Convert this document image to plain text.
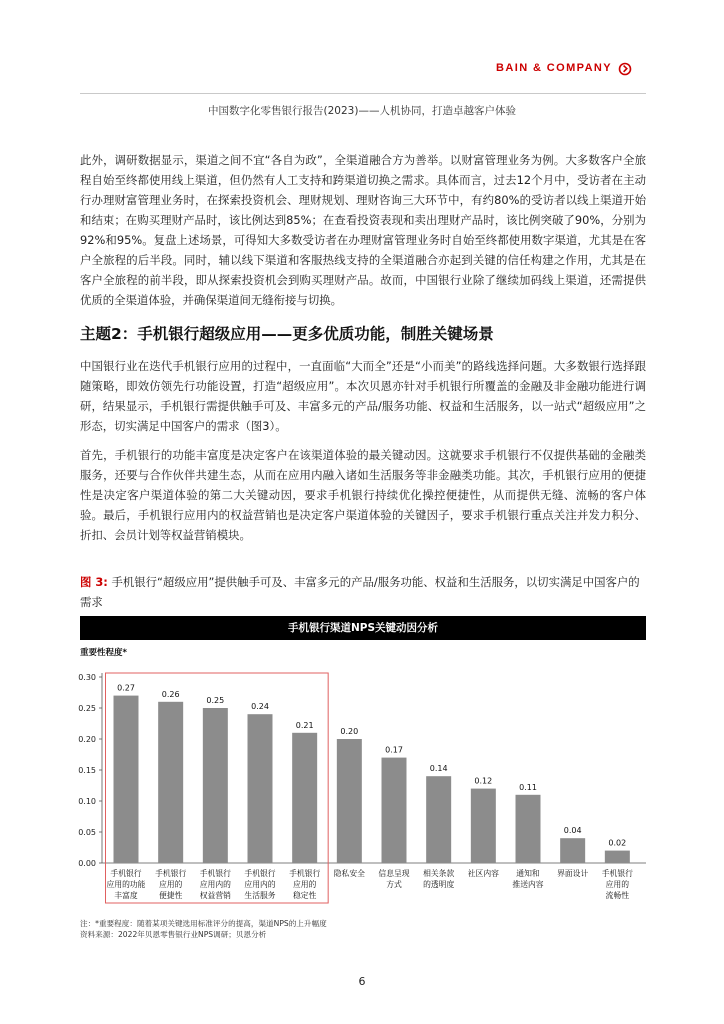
BAIN & COMPANY
中国数字化零售银行报告(2023)——人机协同，打造卓越客户体验

此外，调研数据显示，渠道之间不宜“各自为政”，全渠道融合方为善举。以财富管理业务为例。大多数客户全旅程自始至终都使用线上渠道，但仍然有人工支持和跨渠道切换之需求。具体而言，过去12个月中，受访者在主动行办理财富管理业务时，在探索投资机会、理财规划、理财咨询三大环节中，有约80%的受访者以线上渠道开始和结束；在购买理财产品时，该比例达到85%；在查看投资表现和卖出理财产品时，该比例突破了90%，分别为92%和95%。复盘上述场景，可得知大多数受访者在办理财富管理业务时自始至终都使用数字渠道，尤其是在客户全旅程的后半段。同时，辅以线下渠道和客服热线支持的全渠道融合亦起到关键的信任构建之作用，尤其是在客户全旅程的前半段，即从探索投资机会到购买理财产品。故而，中国银行业除了继续加码线上渠道，还需提供优质的全渠道体验，并确保渠道间无缝衔接与切换。

主题2：手机银行超级应用——更多优质功能，制胜关键场景

中国银行业在迭代手机银行应用的过程中，一直面临“大而全”还是“小而美”的路线选择问题。大多数银行选择跟随策略，即效仿领先行功能设置，打造“超级应用”。本次贝恩亦针对手机银行所覆盖的金融及非金融功能进行调研，结果显示，手机银行需提供触手可及、丰富多元的产品/服务功能、权益和生活服务，以一站式“超级应用”之形态，切实满足中国客户的需求（图3）。

首先，手机银行的功能丰富度是决定客户在该渠道体验的最关键动因。这就要求手机银行不仅提供基础的金融类服务，还要与合作伙伴共建生态，从而在应用内融入诸如生活服务等非金融类功能。其次，手机银行应用的便捷性是决定客户渠道体验的第二大关键动因，要求手机银行持续优化操控便捷性，从而提供无缝、流畅的客户体验。最后，手机银行应用内的权益营销也是决定客户渠道体验的关键因子，要求手机银行重点关注并发力积分、折扣、会员计划等权益营销模块。

图 3: 手机银行“超级应用”提供触手可及、丰富多元的产品/服务功能、权益和生活服务，以切实满足中国客户的需求

手机银行渠道NPS关键动因分析
重要性程度*
0.00
0.05
0.10
0.15
0.20
0.25
0.30
0.27
手机银行
应用的功能
丰富度
0.26
手机银行
应用的
便捷性
0.25
手机银行
应用内的
权益营销
0.24
手机银行
应用内的
生活服务
0.21
手机银行
应用的
稳定性
0.20
隐私安全
0.17
信息呈现
方式
0.14
相关条款
的透明度
0.12
社区内容
0.11
通知和
推送内容
0.04
界面设计
0.02
手机银行
应用的
流畅性

注：*重要程度：随着某项关键选用标准评分的提高，渠道NPS的上升幅度

资料来源：2022年贝恩零售银行业NPS调研；贝恩分析

6
